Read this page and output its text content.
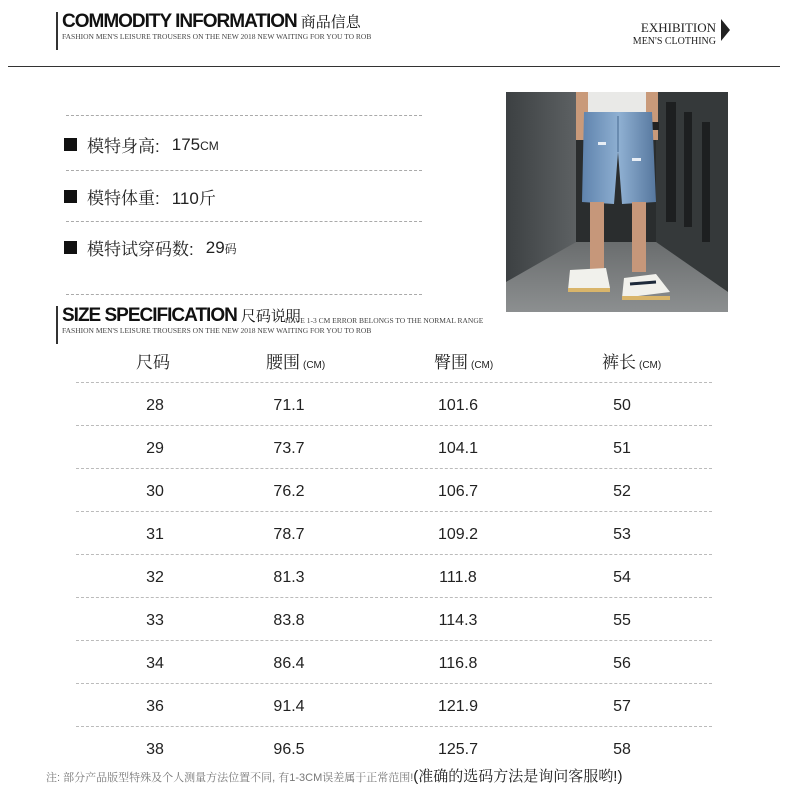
COMMODITY INFORMATION 商品信息
FASHION MEN'S LEISURE TROUSERS ON THE NEW 2018 NEW WAITING FOR YOU TO ROB
EXHIBITION
MEN'S CLOTHING
模特身高: 175CM
模特体重: 110斤
模特试穿码数: 29码
SIZE SPECIFICATION 尺码说明
HAVE 1-3 CM ERROR BELONGS TO THE NORMAL RANGE
FASHION MEN'S LEISURE TROUSERS ON THE NEW 2018 NEW WAITING FOR YOU TO ROB
尺码	腰围 (CM)	臀围 (CM)	裤长 (CM)
28	71.1	101.6	50
29	73.7	104.1	51
30	76.2	106.7	52
31	78.7	109.2	53
32	81.3	111.8	54
33	83.8	114.3	55
34	86.4	116.8	56
36	91.4	121.9	57
38	96.5	125.7	58
注: 部分产品版型特殊及个人测量方法位置不同, 有1-3CM误差属于正常范围!(准确的选码方法是询问客服哟!)
